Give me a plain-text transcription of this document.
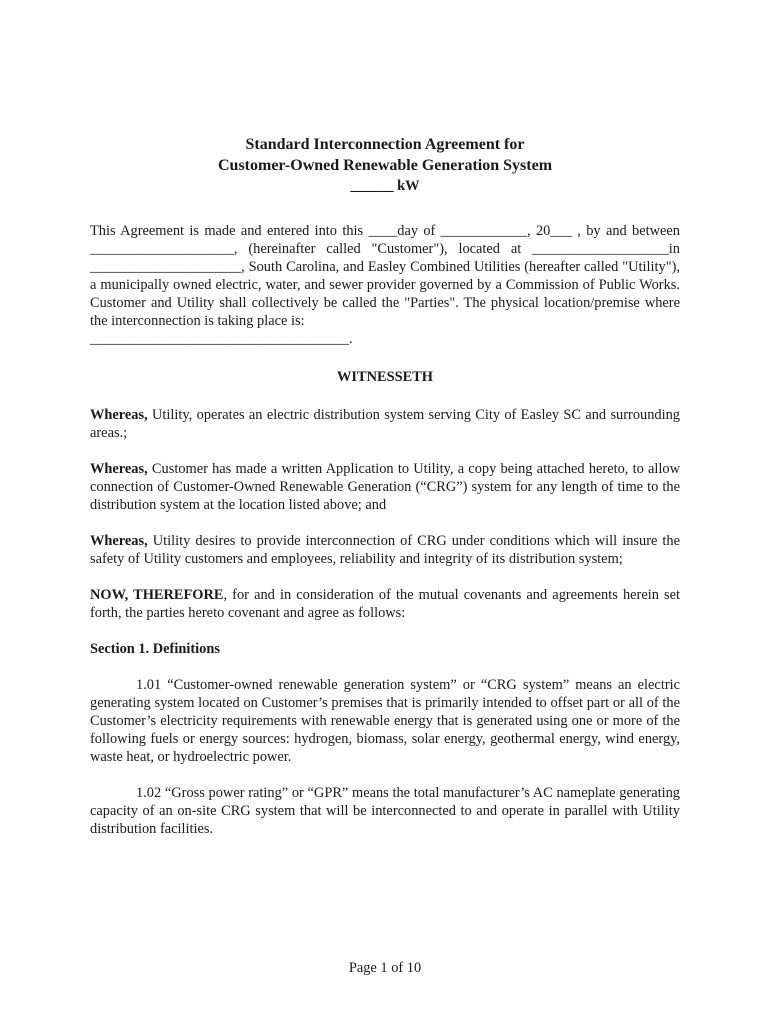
Standard Interconnection Agreement for
Customer-Owned Renewable Generation System
______ kW

This Agreement is made and entered into this ____day of ____________, 20___ , by and between ____________________, (hereinafter called "Customer"), located at ___________________in _____________________, South Carolina, and Easley Combined Utilities (hereafter called "Utility"), a municipally owned electric, water, and sewer provider governed by a Commission of Public Works. Customer and Utility shall collectively be called the "Parties". The physical location/premise where the interconnection is taking place is:
____________________________________.

WITNESSETH

Whereas, Utility, operates an electric distribution system serving City of Easley SC and surrounding areas.;

Whereas, Customer has made a written Application to Utility, a copy being attached hereto, to allow connection of Customer-Owned Renewable Generation (“CRG”) system for any length of time to the distribution system at the location listed above; and

Whereas, Utility desires to provide interconnection of CRG under conditions which will insure the safety of Utility customers and employees, reliability and integrity of its distribution system;

NOW, THEREFORE, for and in consideration of the mutual covenants and agreements herein set forth, the parties hereto covenant and agree as follows:

Section 1. Definitions

1.01 “Customer-owned renewable generation system” or “CRG system” means an electric generating system located on Customer’s premises that is primarily intended to offset part or all of the Customer’s electricity requirements with renewable energy that is generated using one or more of the following fuels or energy sources: hydrogen, biomass, solar energy, geothermal energy, wind energy, waste heat, or hydroelectric power.

1.02 “Gross power rating” or “GPR” means the total manufacturer’s AC nameplate generating capacity of an on-site CRG system that will be interconnected to and operate in parallel with Utility distribution facilities.

Page 1 of 10
